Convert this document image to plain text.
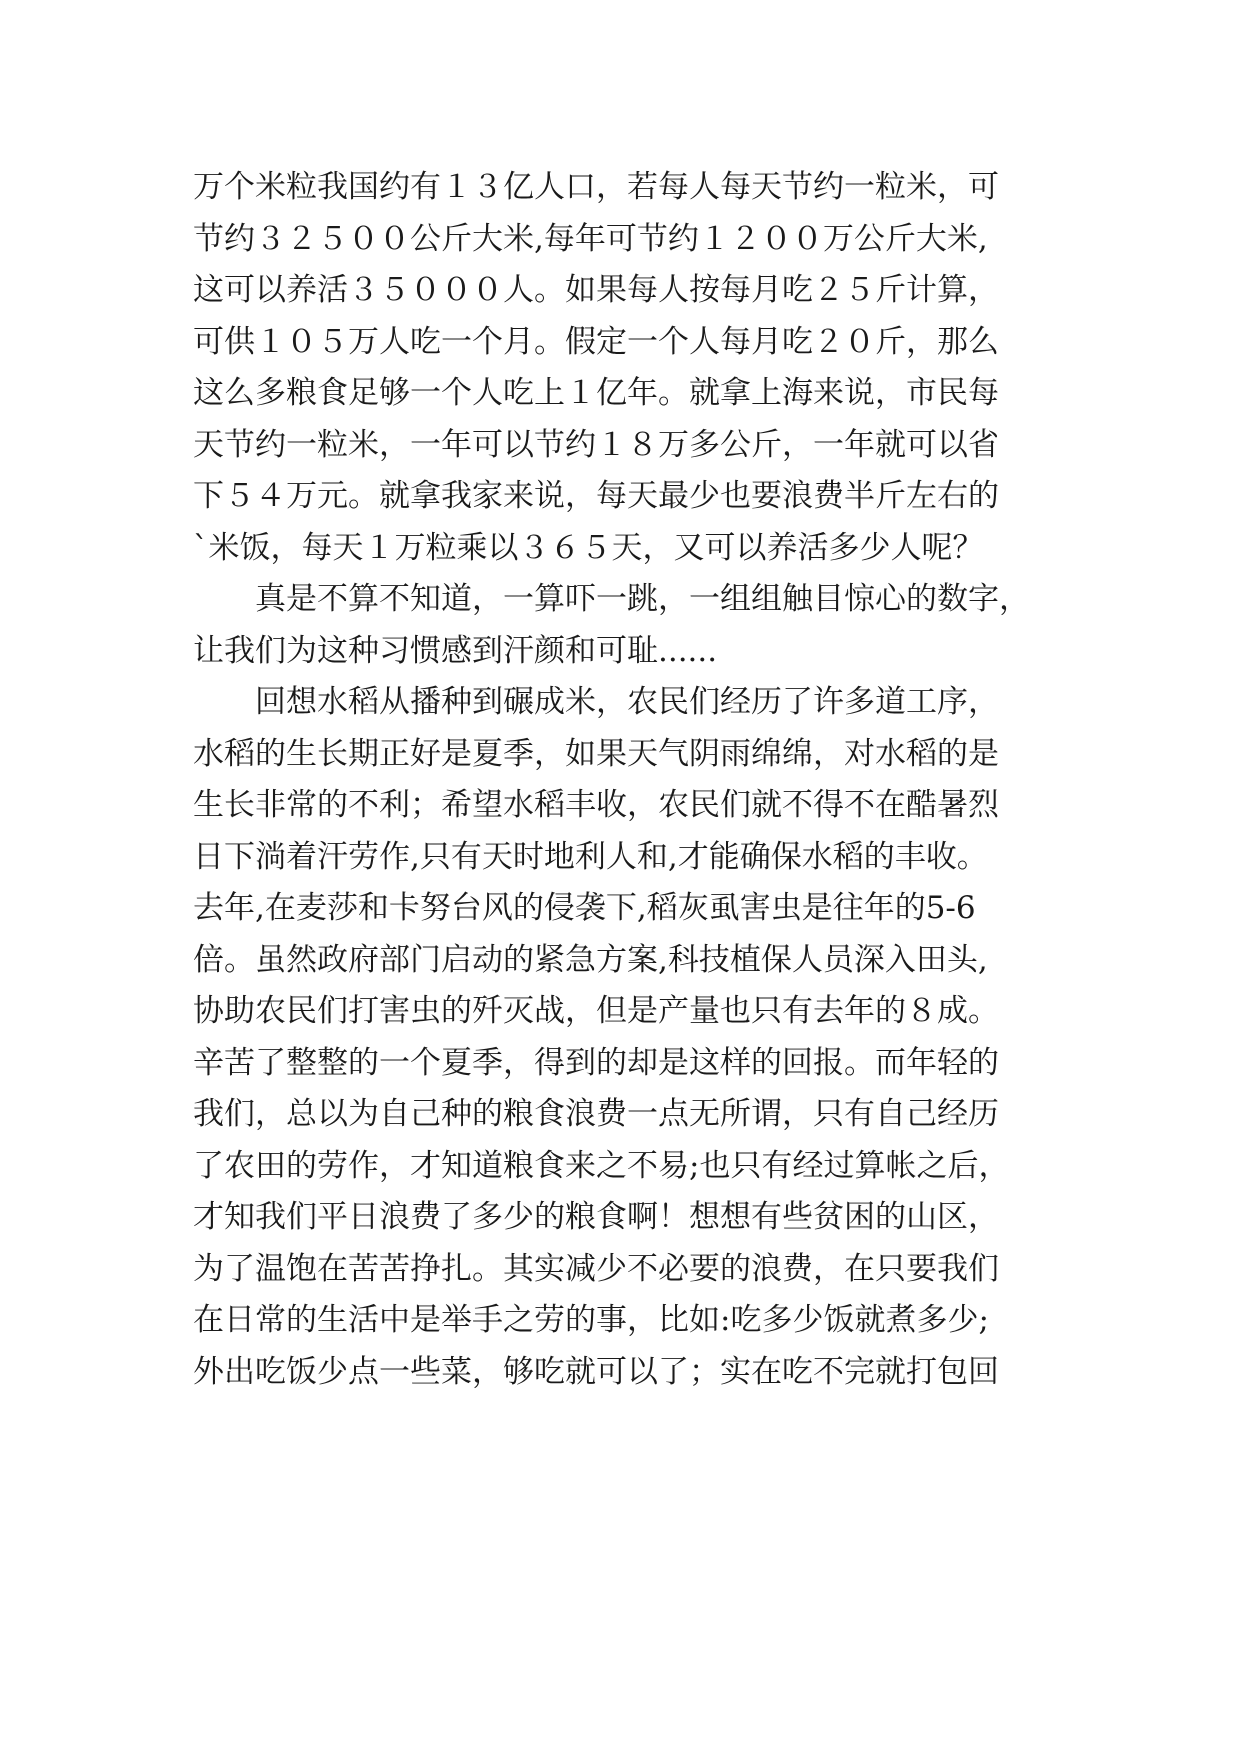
万个米粒我国约有１３亿人口，若每人每天节约一粒米，可
节约３２５００公斤大米,每年可节约１２００万公斤大米,
这可以养活３５０００人。如果每人按每月吃２５斤计算，
可供１０５万人吃一个月。假定一个人每月吃２０斤，那么
这么多粮食足够一个人吃上１亿年。就拿上海来说，市民每
天节约一粒米，一年可以节约１８万多公斤，一年就可以省
下５４万元。就拿我家来说，每天最少也要浪费半斤左右的
`米饭，每天１万粒乘以３６５天，又可以养活多少人呢？
　　真是不算不知道，一算吓一跳，一组组触目惊心的数字，
让我们为这种习惯感到汗颜和可耻......
　　回想水稻从播种到碾成米，农民们经历了许多道工序，
水稻的生长期正好是夏季，如果天气阴雨绵绵，对水稻的是
生长非常的不利；希望水稻丰收，农民们就不得不在酷暑烈
日下淌着汗劳作,只有天时地利人和,才能确保水稻的丰收。
去年,在麦莎和卡努台风的侵袭下,稻灰虱害虫是往年的5-6
倍。虽然政府部门启动的紧急方案,科技植保人员深入田头,
协助农民们打害虫的歼灭战，但是产量也只有去年的８成。
辛苦了整整的一个夏季，得到的却是这样的回报。而年轻的
我们，总以为自己种的粮食浪费一点无所谓，只有自己经历
了农田的劳作，才知道粮食来之不易;也只有经过算帐之后，
才知我们平日浪费了多少的粮食啊！想想有些贫困的山区，
为了温饱在苦苦挣扎。其实减少不必要的浪费，在只要我们
在日常的生活中是举手之劳的事，比如:吃多少饭就煮多少;
外出吃饭少点一些菜，够吃就可以了；实在吃不完就打包回
